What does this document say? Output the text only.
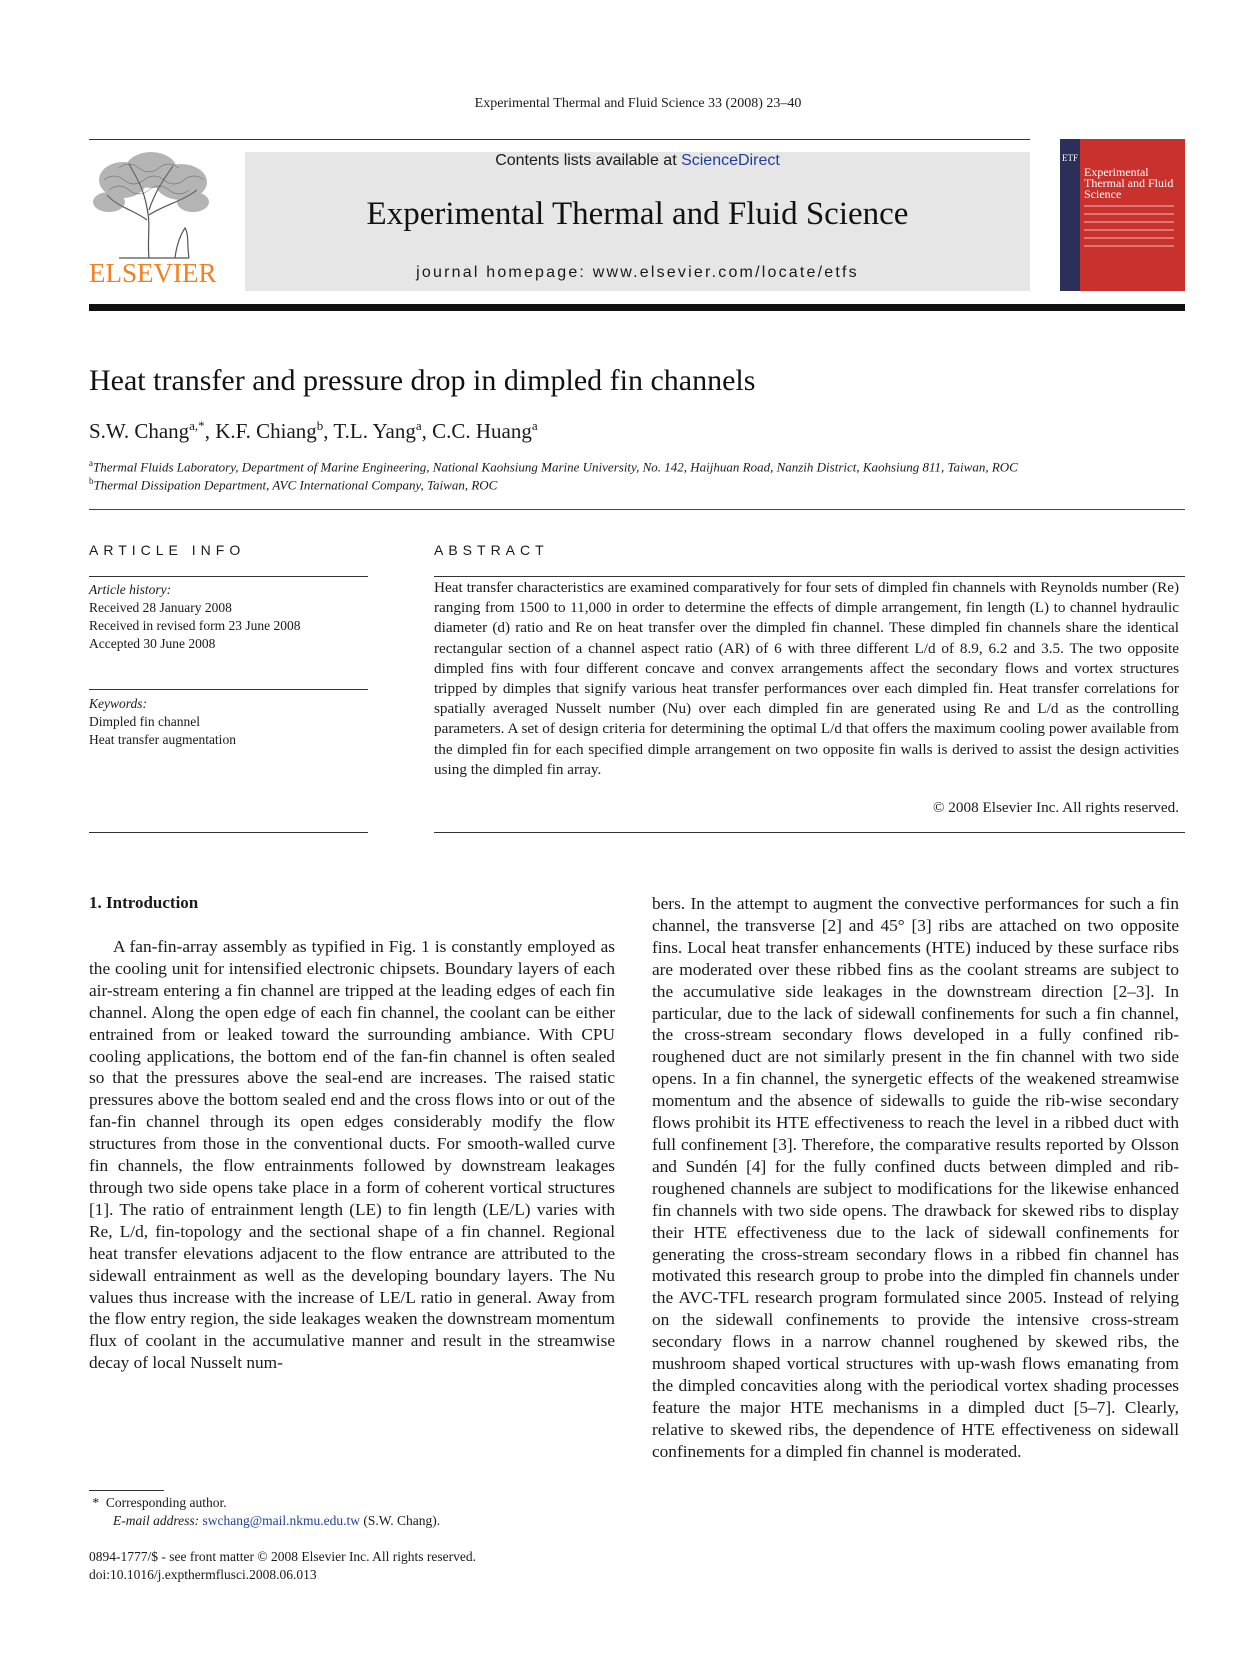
Experimental Thermal and Fluid Science 33 (2008) 23–40
ELSEVIER
Contents lists available at ScienceDirect
Experimental Thermal and Fluid Science
journal homepage: www.elsevier.com/locate/etfs
ETF
Experimental Thermal and Fluid Science
Heat transfer and pressure drop in dimpled fin channels
S.W. Chang$^{a,*}$, K.F. Chiang$^b$, T.L. Yang$^a$, C.C. Huang$^a$
$^a$Thermal Fluids Laboratory, Department of Marine Engineering, National Kaohsiung Marine University, No. 142, Haijhuan Road, Nanzih District, Kaohsiung 811, Taiwan, ROC
$^b$Thermal Dissipation Department, AVC International Company, Taiwan, ROC
ARTICLE INFO
Article history:
Received 28 January 2008
Received in revised form 23 June 2008
Accepted 30 June 2008
Keywords:
Dimpled fin channel
Heat transfer augmentation
ABSTRACT
Heat transfer characteristics are examined comparatively for four sets of dimpled fin channels with Reynolds number (Re) ranging from 1500 to 11,000 in order to determine the effects of dimple arrangement, fin length (L) to channel hydraulic diameter (d) ratio and Re on heat transfer over the dimpled fin channel. These dimpled fin channels share the identical rectangular section of a channel aspect ratio (AR) of 6 with three different L/d of 8.9, 6.2 and 3.5. The two opposite dimpled fins with four different concave and convex arrangements affect the secondary flows and vortex structures tripped by dimples that signify various heat transfer performances over each dimpled fin. Heat transfer correlations for spatially averaged Nusselt number (Nu) over each dimpled fin are generated using Re and L/d as the controlling parameters. A set of design criteria for determining the optimal L/d that offers the maximum cooling power available from the dimpled fin for each specified dimple arrangement on two opposite fin walls is derived to assist the design activities using the dimpled fin array.
© 2008 Elsevier Inc. All rights reserved.
1. Introduction
A fan-fin-array assembly as typified in Fig. 1 is constantly employed as the cooling unit for intensified electronic chipsets. Boundary layers of each air-stream entering a fin channel are tripped at the leading edges of each fin channel. Along the open edge of each fin channel, the coolant can be either entrained from or leaked toward the surrounding ambiance. With CPU cooling applications, the bottom end of the fan-fin channel is often sealed so that the pressures above the seal-end are increases. The raised static pressures above the bottom sealed end and the cross flows into or out of the fan-fin channel through its open edges considerably modify the flow structures from those in the conventional ducts. For smooth-walled curve fin channels, the flow entrainments followed by downstream leakages through two side opens take place in a form of coherent vortical structures [1]. The ratio of entrainment length (LE) to fin length (LE/L) varies with Re, L/d, fin-topology and the sectional shape of a fin channel. Regional heat transfer elevations adjacent to the flow entrance are attributed to the sidewall entrainment as well as the developing boundary layers. The Nu values thus increase with the increase of LE/L ratio in general. Away from the flow entry region, the side leakages weaken the downstream momentum flux of coolant in the accumulative manner and result in the streamwise decay of local Nusselt num-
bers. In the attempt to augment the convective performances for such a fin channel, the transverse [2] and 45° [3] ribs are attached on two opposite fins. Local heat transfer enhancements (HTE) induced by these surface ribs are moderated over these ribbed fins as the coolant streams are subject to the accumulative side leakages in the downstream direction [2–3]. In particular, due to the lack of sidewall confinements for such a fin channel, the cross-stream secondary flows developed in a fully confined rib-roughened duct are not similarly present in the fin channel with two side opens. In a fin channel, the synergetic effects of the weakened streamwise momentum and the absence of sidewalls to guide the rib-wise secondary flows prohibit its HTE effectiveness to reach the level in a ribbed duct with full confinement [3]. Therefore, the comparative results reported by Olsson and Sundén [4] for the fully confined ducts between dimpled and rib-roughened channels are subject to modifications for the likewise enhanced fin channels with two side opens. The drawback for skewed ribs to display their HTE effectiveness due to the lack of sidewall confinements for generating the cross-stream secondary flows in a ribbed fin channel has motivated this research group to probe into the dimpled fin channels under the AVC-TFL research program formulated since 2005. Instead of relying on the sidewall confinements to provide the intensive cross-stream secondary flows in a narrow channel roughened by skewed ribs, the mushroom shaped vortical structures with up-wash flows emanating from the dimpled concavities along with the periodical vortex shading processes feature the major HTE mechanisms in a dimpled duct [5–7]. Clearly, relative to skewed ribs, the dependence of HTE effectiveness on sidewall confinements for a dimpled fin channel is moderated.
*  Corresponding author.
E-mail address: swchang@mail.nkmu.edu.tw (S.W. Chang).
0894-1777/$ - see front matter © 2008 Elsevier Inc. All rights reserved.
doi:10.1016/j.expthermflusci.2008.06.013
